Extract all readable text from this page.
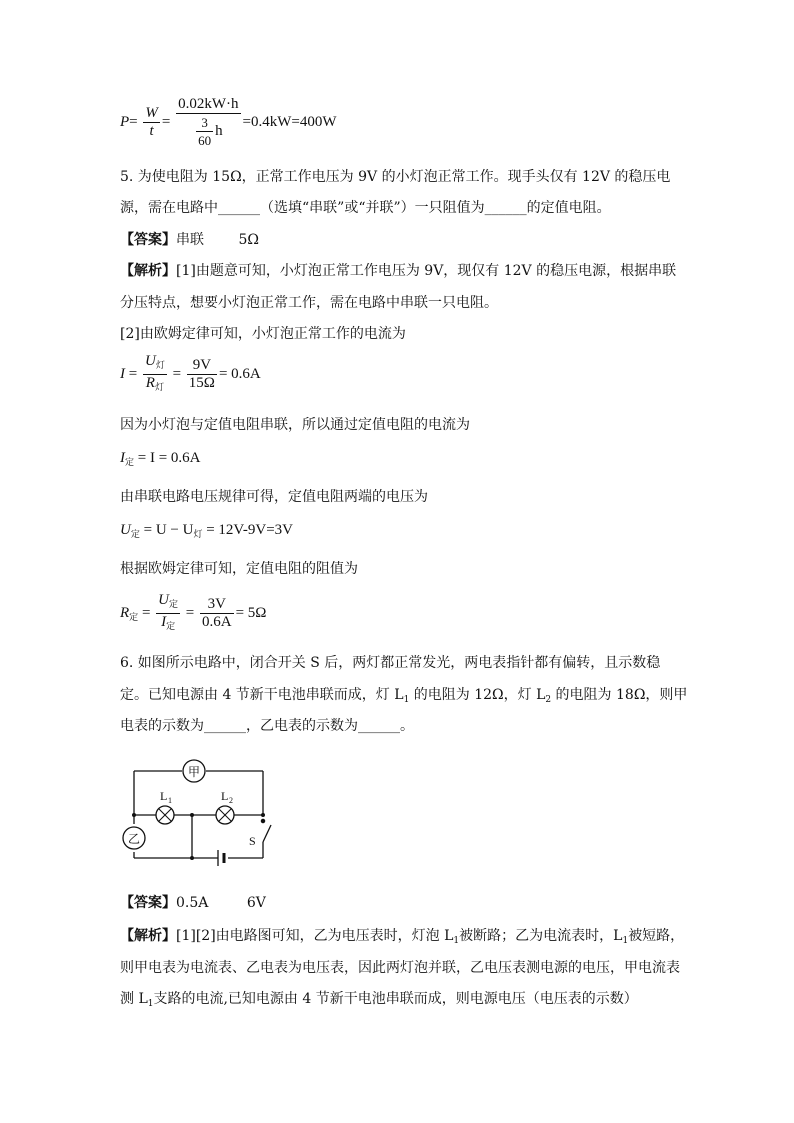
$P= \frac{W}{t} = \frac{0.02kW\cdot h}{\frac{3}{60} h} =0.4kW=400W$
5. 为使电阻为 15Ω，正常工作电压为 9V 的小灯泡正常工作。现手头仅有 12V 的稳压电
源，需在电路中______（选填“串联”或“并联”）一只阻值为______的定值电阻。
【答案】串联 5Ω
【解析】[1]由题意可知，小灯泡正常工作电压为 9V，现仅有 12V 的稳压电源，根据串联
分压特点，想要小灯泡正常工作，需在电路中串联一只电阻。
[2]由欧姆定律可知，小灯泡正常工作的电流为
$I = \frac{U_灯}{R_灯} = \frac{9V}{15\Omega} = 0.6A$
因为小灯泡与定值电阻串联，所以通过定值电阻的电流为
$I_定 = I = 0.6A$
由串联电路电压规律可得，定值电阻两端的电压为
$U_定 = U - U_灯 = 12V-9V=3V$
根据欧姆定律可知，定值电阻的阻值为
$R_定 = \frac{U_定}{I_定} = \frac{3V}{0.6A} = 5\Omega$
6. 如图所示电路中，闭合开关 S 后，两灯都正常发光，两电表指针都有偏转，且示数稳
定。已知电源由 4 节新干电池串联而成，灯 $L_1$ 的电阻为 12Ω，灯 $L_2$ 的电阻为 18Ω，则甲
电表的示数为______，乙电表的示数为______。
甲
乙
L 1	L 2
S
【答案】0.5A	6V
【解析】[1][2]由电路图可知，乙为电压表时，灯泡 $L_1$被断路；乙为电流表时，$L_1$被短路，
则甲电表为电流表、乙电表为电压表，因此两灯泡并联，乙电压表测电源的电压，甲电流表
测 $L_1$支路的电流,已知电源由 4 节新干电池串联而成，则电源电压（电压表的示数）
